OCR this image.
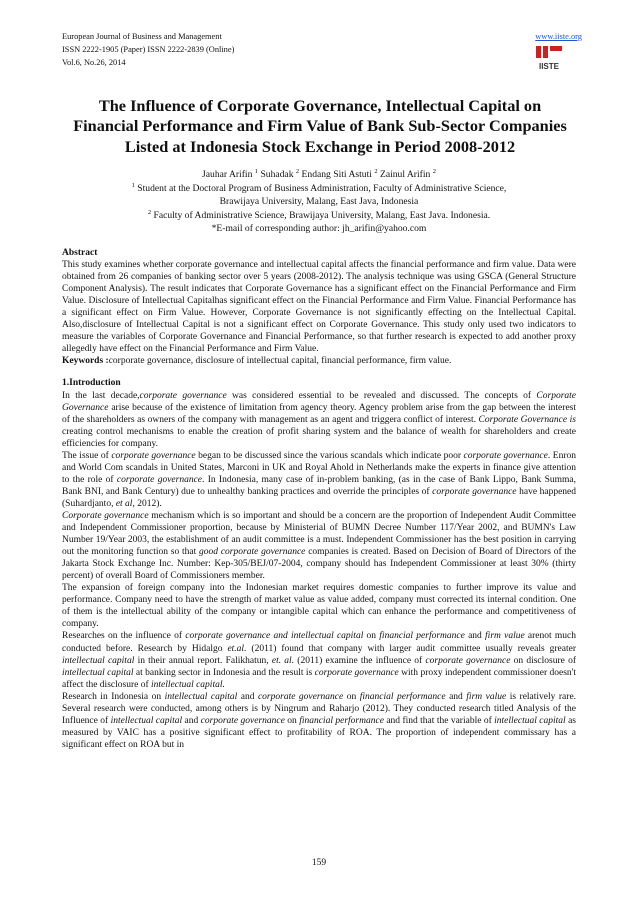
European Journal of Business and Management
ISSN 2222-1905 (Paper) ISSN 2222-2839 (Online)
Vol.6, No.26, 2014
www.iiste.org
IISTE
The Influence of Corporate Governance, Intellectual Capital on Financial Performance and Firm Value of Bank Sub-Sector Companies Listed at Indonesia Stock Exchange in Period 2008-2012
Jauhar Arifin $^1$ Suhadak $^2$ Endang Siti Astuti $^2$ Zainul Arifin $^2$
$^1$ Student at the Doctoral Program of Business Administration, Faculty of Administrative Science,
Brawijaya University, Malang, East Java, Indonesia
$^2$ Faculty of Administrative Science, Brawijaya University, Malang, East Java. Indonesia.
*E-mail of corresponding author: jh_arifin@yahoo.com

Abstract

This study examines whether corporate governance and intellectual capital affects the financial performance and firm value. Data were obtained from 26 companies of banking sector over 5 years (2008-2012). The analysis technique was using GSCA (General Structure Component Analysis). The result indicates that Corporate Governance has a significant effect on the Financial Performance and Firm Value. Disclosure of Intellectual Capitalhas significant effect on the Financial Performance and Firm Value. Financial Performance has a significant effect on Firm Value. However, Corporate Governance is not significantly effecting on the Intellectual Capital. Also,disclosure of Intellectual Capital is not a significant effect on Corporate Governance. This study only used two indicators to measure the variables of Corporate Governance and Financial Performance, so that further research is expected to add another proxy allegedly have effect on the Financial Performance and Firm Value.

Keywords :corporate governance, disclosure of intellectual capital, financial performance, firm value.

1.Introduction

In the last decade,corporate governance was considered essential to be revealed and discussed. The concepts of Corporate Governance arise because of the existence of limitation from agency theory. Agency problem arise from the gap between the interest of the shareholders as owners of the company with management as an agent and triggera conflict of interest. Corporate Governance is creating control mechanisms to enable the creation of profit sharing system and the balance of wealth for shareholders and create efficiencies for company.

The issue of corporate governance began to be discussed since the various scandals which indicate poor corporate governance. Enron and World Com scandals in United States, Marconi in UK and Royal Ahold in Netherlands make the experts in finance give attention to the role of corporate governance. In Indonesia, many case of in-problem banking, (as in the case of Bank Lippo, Bank Summa, Bank BNI, and Bank Century) due to unhealthy banking practices and override the principles of corporate governance have happened (Suhardjanto, et al, 2012).

Corporate governance mechanism which is so important and should be a concern are the proportion of Independent Audit Committee and Independent Commissioner proportion, because by Ministerial of BUMN Decree Number 117/Year 2002, and BUMN's Law Number 19/Year 2003, the establishment of an audit committee is a must. Independent Commissioner has the best position in carrying out the monitoring function so that good corporate governance companies is created. Based on Decision of Board of Directors of the Jakarta Stock Exchange Inc. Number: Kep-305/BEJ/07-2004, company should has Independent Commissioner at least 30% (thirty percent) of overall Board of Commissioners member.

The expansion of foreign company into the Indonesian market requires domestic companies to further improve its value and performance. Company need to have the strength of market value as value added, company must corrected its internal condition. One of them is the intellectual ability of the company or intangible capital which can enhance the performance and competitiveness of company.

Researches on the influence of corporate governance and intellectual capital on financial performance and firm value arenot much conducted before. Research by Hidalgo et.al. (2011) found that company with larger audit committee usually reveals greater intellectual capital in their annual report. Falikhatun, et. al. (2011) examine the influence of corporate governance on disclosure of intellectual capital at banking sector in Indonesia and the result is corporate governance with proxy independent commissioner doesn't affect the disclosure of intellectual capital.

Research in Indonesia on intellectual capital and corporate governance on financial performance and firm value is relatively rare. Several research were conducted, among others is by Ningrum and Raharjo (2012). They conducted research titled Analysis of the Influence of intellectual capital and corporate governance on financial performance and find that the variable of intellectual capital as measured by VAIC has a positive significant effect to profitability of ROA. The proportion of independent commissary has a significant effect on ROA but in

159
